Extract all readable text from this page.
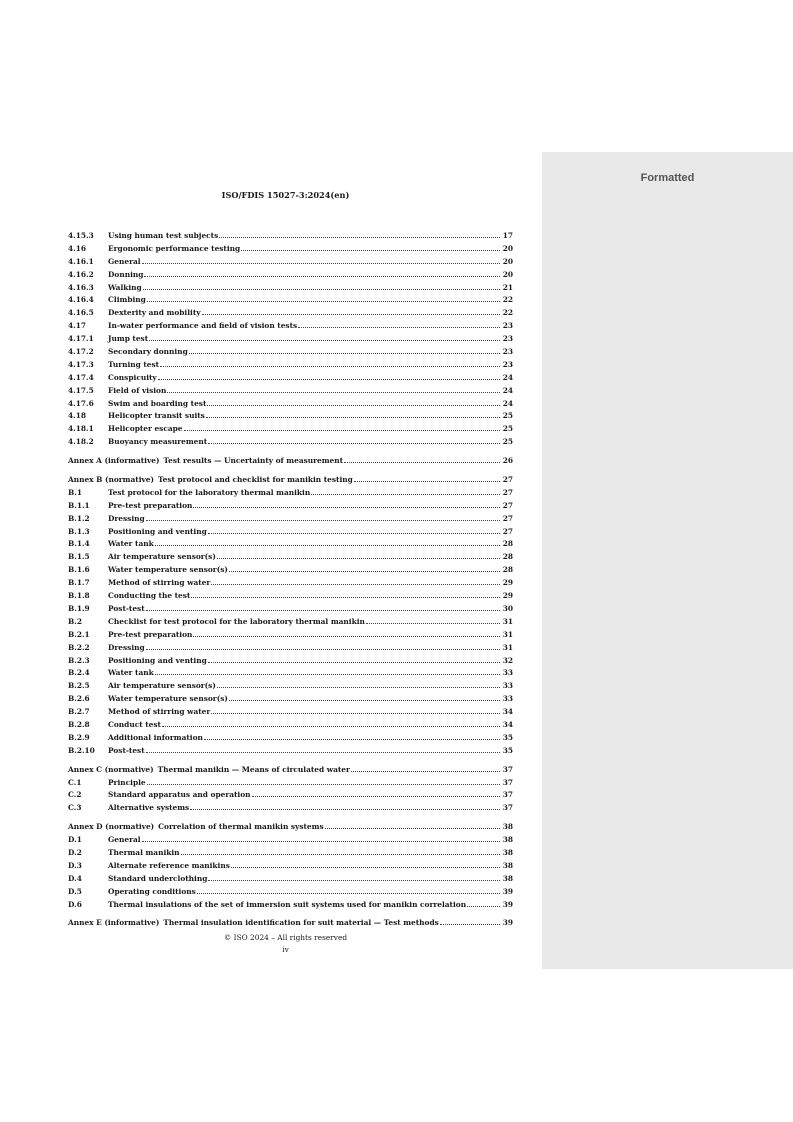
Formatted
ISO/FDIS 15027-3:2024(en)
4.15.3	Using human test subjects	17
4.16	Ergonomic performance testing	20
4.16.1	General	20
4.16.2	Donning	20
4.16.3	Walking	21
4.16.4	Climbing	22
4.16.5	Dexterity and mobility	22
4.17	In-water performance and field of vision tests	23
4.17.1	Jump test	23
4.17.2	Secondary donning	23
4.17.3	Turning test	23
4.17.4	Conspicuity	24
4.17.5	Field of vision	24
4.17.6	Swim and boarding test	24
4.18	Helicopter transit suits	25
4.18.1	Helicopter escape	25
4.18.2	Buoyancy measurement	25
Annex A (informative) Test results — Uncertainty of measurement	26
Annex B (normative) Test protocol and checklist for manikin testing	27
B.1	Test protocol for the laboratory thermal manikin	27
B.1.1	Pre-test preparation	27
B.1.2	Dressing	27
B.1.3	Positioning and venting	27
B.1.4	Water tank	28
B.1.5	Air temperature sensor(s)	28
B.1.6	Water temperature sensor(s)	28
B.1.7	Method of stirring water	29
B.1.8	Conducting the test	29
B.1.9	Post-test	30
B.2	Checklist for test protocol for the laboratory thermal manikin	31
B.2.1	Pre-test preparation	31
B.2.2	Dressing	31
B.2.3	Positioning and venting	32
B.2.4	Water tank	33
B.2.5	Air temperature sensor(s)	33
B.2.6	Water temperature sensor(s)	33
B.2.7	Method of stirring water	34
B.2.8	Conduct test	34
B.2.9	Additional information	35
B.2.10	Post-test	35
Annex C (normative) Thermal manikin — Means of circulated water	37
C.1	Principle	37
C.2	Standard apparatus and operation	37
C.3	Alternative systems	37
Annex D (normative) Correlation of thermal manikin systems	38
D.1	General	38
D.2	Thermal manikin	38
D.3	Alternate reference manikins	38
D.4	Standard underclothing	38
D.5	Operating conditions	39
D.6	Thermal insulations of the set of immersion suit systems used for manikin correlation	39
Annex E (informative) Thermal insulation identification for suit material — Test methods	39
© ISO 2024 – All rights reserved
iv
